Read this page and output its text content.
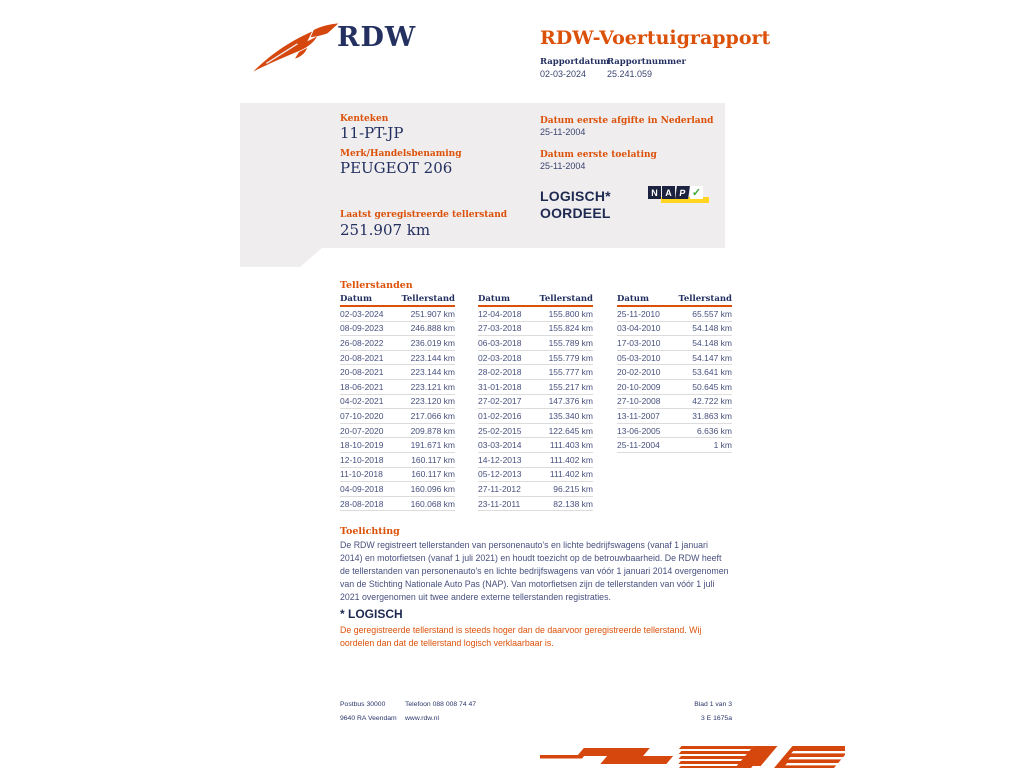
RDW	RDW-Voertuigrapport
Rapportdatum
Rapportnummer
02-03-2024 25.241.059
Kenteken
11-PT-JP
Merk/Handelsbenaming
PEUGEOT 206
Laatst geregistreerde tellerstand
251.907 km
Datum eerste afgifte in Nederland
25-11-2004
Datum eerste toelating
25-11-2004
LOGISCH*
OORDEEL
N A P ✓
Tellerstanden
Datum	Tellerstand
02-03-2024	251.907 km
08-09-2023	246.888 km
26-08-2022	236.019 km
20-08-2021	223.144 km
20-08-2021	223.144 km
18-06-2021	223.121 km
04-02-2021	223.120 km
07-10-2020	217.066 km
20-07-2020	209.878 km
18-10-2019	191.671 km
12-10-2018	160.117 km
11-10-2018	160.117 km
04-09-2018	160.096 km
28-08-2018	160.068 km
Datum	Tellerstand
12-04-2018	155.800 km
27-03-2018	155.824 km
06-03-2018	155.789 km
02-03-2018	155.779 km
28-02-2018	155.777 km
31-01-2018	155.217 km
27-02-2017	147.376 km
01-02-2016	135.340 km
25-02-2015	122.645 km
03-03-2014	111.403 km
14-12-2013	111.402 km
05-12-2013	111.402 km
27-11-2012	96.215 km
23-11-2011	82.138 km
Datum	Tellerstand
25-11-2010	65.557 km
03-04-2010	54.148 km
17-03-2010	54.148 km
05-03-2010	54.147 km
20-02-2010	53.641 km
20-10-2009	50.645 km
27-10-2008	42.722 km
13-11-2007	31.863 km
13-06-2005	6.636 km
25-11-2004	1 km
Toelichting
De RDW registreert tellerstanden van personenauto's en lichte bedrijfswagens (vanaf 1 januari 2014) en motorfietsen (vanaf 1 juli 2021) en houdt toezicht op de betrouwbaarheid. De RDW heeft de tellerstanden van personenauto's en lichte bedrijfswagens van vóór 1 januari 2014 overgenomen van de Stichting Nationale Auto Pas (NAP). Van motorfietsen zijn de tellerstanden van vóór 1 juli 2021 overgenomen uit twee andere externe tellerstanden registraties.
* LOGISCH
De geregistreerde tellerstand is steeds hoger dan de daarvoor geregistreerde tellerstand. Wij oordelen dan dat de tellerstand logisch verklaarbaar is.
Postbus 30000
9640 RA Veendam
Telefoon 088 008 74 47
www.rdw.nl
Blad 1 van 3
3 E 1675a
